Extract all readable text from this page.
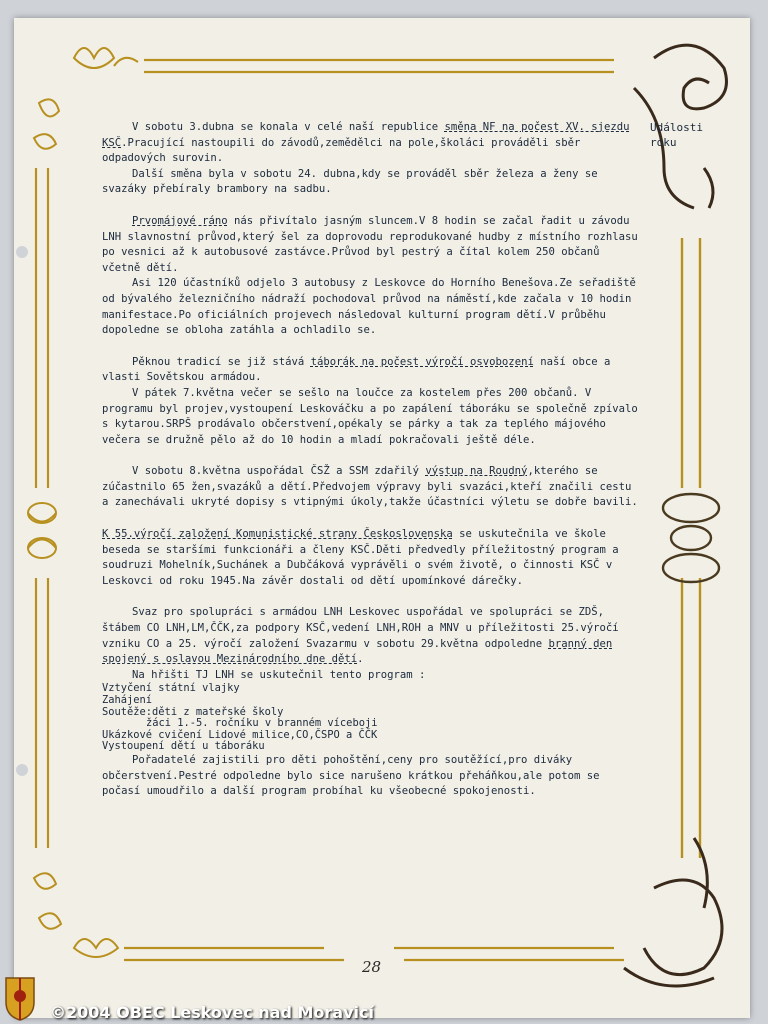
Události
roku

V sobotu 3.dubna se konala v celé naší republice směna NF na počest XV. sjezdu KSČ.Pracující nastoupili do závodů,zemědělci na pole,školáci prováděli sběr odpadových surovin.

Další směna byla v sobotu 24. dubna,kdy se prováděl sběr železa a ženy se svazáky přebíraly brambory na sadbu.

Prvomájové ráno nás přivítalo jasným sluncem.V 8 hodin se začal řadit u závodu LNH slavnostní průvod,který šel za doprovodu reprodukované hudby z místního rozhlasu po vesnici až k autobusové zastávce.Průvod byl pestrý a čítal kolem 250 občanů včetně dětí.

Asi 120 účastníků odjelo 3 autobusy z Leskovce do Horního Benešova.Ze seřadiště od bývalého železničního nádraží pochodoval průvod na náměstí,kde začala v 10 hodin manifestace.Po oficiálních projevech následoval kulturní program dětí.V průběhu dopoledne se obloha zatáhla a ochladilo se.

Pěknou tradicí se již stává táborák na počest výročí osvobození naší obce a vlasti Sovětskou armádou.

V pátek 7.května večer se sešlo na loučce za kostelem přes 200 občanů. V programu byl projev,vystoupení Leskováčku a po zapálení táboráku se společně zpívalo s kytarou.SRPŠ prodávalo občerstvení,opékaly se párky a tak za teplého májového večera se družně pělo až do 10 hodin a mladí pokračovali ještě déle.

V sobotu 8.května uspořádal ČSŽ a SSM zdařilý výstup na Roudný,kterého se zúčastnilo 65 žen,svazáků a dětí.Předvojem výpravy byli svazáci,kteří značili cestu a zanechávali ukryté dopisy s vtipnými úkoly,takže účastníci výletu se dobře bavili.

K 55.výročí založení Komunistické strany Československa se uskutečnila ve škole beseda se staršími funkcionáři a členy KSČ.Děti předvedly příležitostný program a soudruzi Mohelník,Suchánek a Dubčáková vyprávěli o svém životě, o činnosti KSČ v Leskovci od roku 1945.Na závěr dostali od dětí upomínkové dárečky.

Svaz pro spolupráci s armádou LNH Leskovec uspořádal ve spolupráci se ZDŠ, štábem CO LNH,LM,ČČK,za podpory KSČ,vedení LNH,ROH a MNV u příležitosti 25.výročí vzniku CO a 25. výročí založení Svazarmu v sobotu 29.května odpoledne branný den spojený s oslavou Mezinárodního dne dětí.

Na hřišti TJ LNH se uskutečnil tento program :

Vztyčení státní vlajky
Zahájení
Soutěže:děti z mateřské školy
žáci 1.-5. ročníku v branném víceboji
Ukázkové cvičení Lidové milice,CO,ČSPO a ČČK
Vystoupení dětí u táboráku

Pořadatelé zajistili pro děti pohoštění,ceny pro soutěžící,pro diváky občerstvení.Pestré odpoledne bylo sice narušeno krátkou přeháňkou,ale potom se počasí umoudřilo a další program probíhal ku všeobecné spokojenosti.

28
©2004 OBEC Leskovec nad Moravicí
